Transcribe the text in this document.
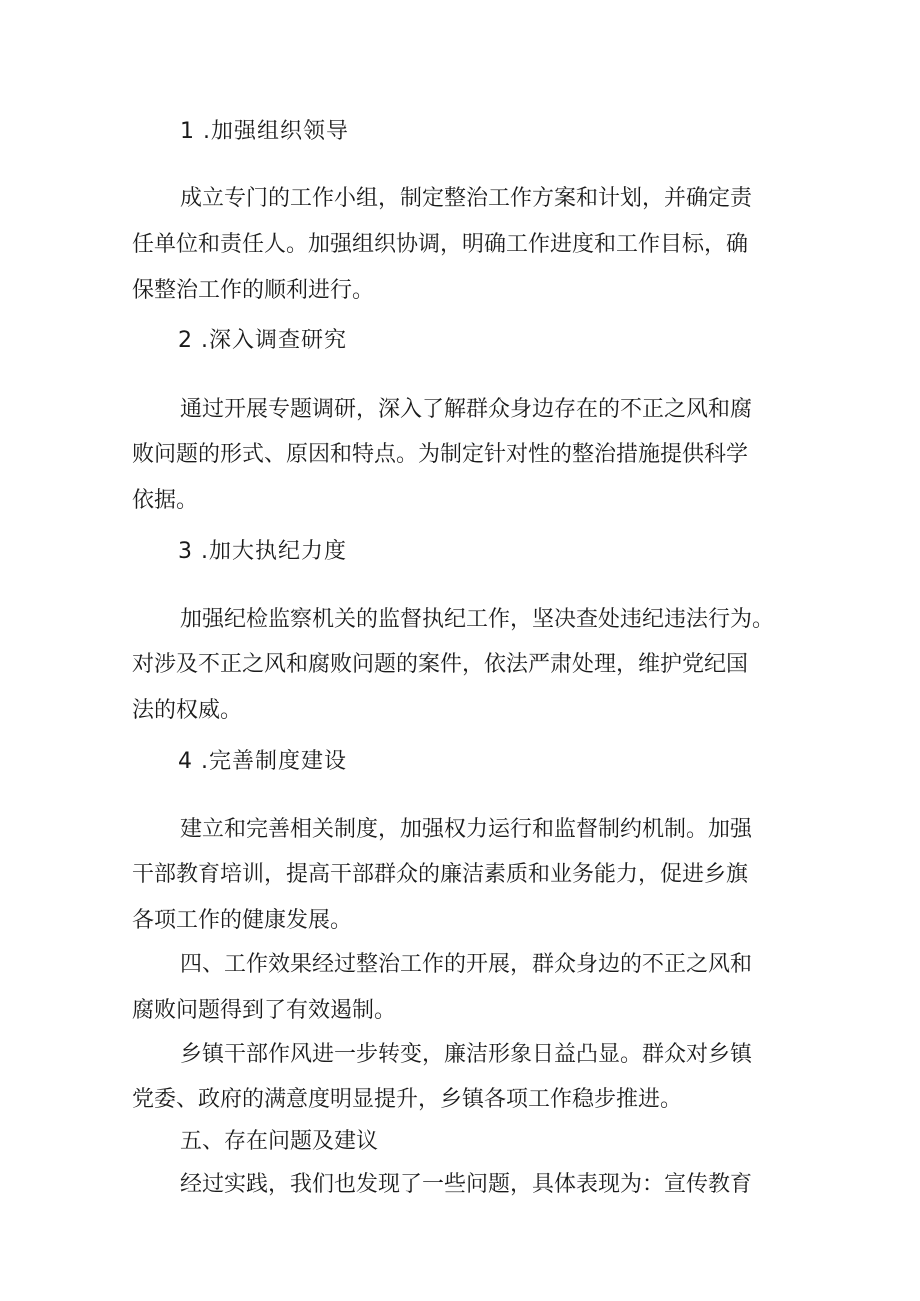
1 .加强组织领导
成立专门的工作小组，制定整治工作方案和计划，并确定责
任单位和责任人。加强组织协调，明确工作进度和工作目标，确
保整治工作的顺利进行。
2 .深入调查研究
通过开展专题调研，深入了解群众身边存在的不正之风和腐
败问题的形式、原因和特点。为制定针对性的整治措施提供科学
依据。
3 .加大执纪力度
加强纪检监察机关的监督执纪工作，坚决查处违纪违法行为。
对涉及不正之风和腐败问题的案件，依法严肃处理，维护党纪国
法的权威。
4 .完善制度建设
建立和完善相关制度，加强权力运行和监督制约机制。加强
干部教育培训，提高干部群众的廉洁素质和业务能力，促进乡旗
各项工作的健康发展。
四、工作效果经过整治工作的开展，群众身边的不正之风和
腐败问题得到了有效遏制。
乡镇干部作风进一步转变，廉洁形象日益凸显。群众对乡镇
党委、政府的满意度明显提升，乡镇各项工作稳步推进。
五、存在问题及建议
经过实践，我们也发现了一些问题，具体表现为：宣传教育
